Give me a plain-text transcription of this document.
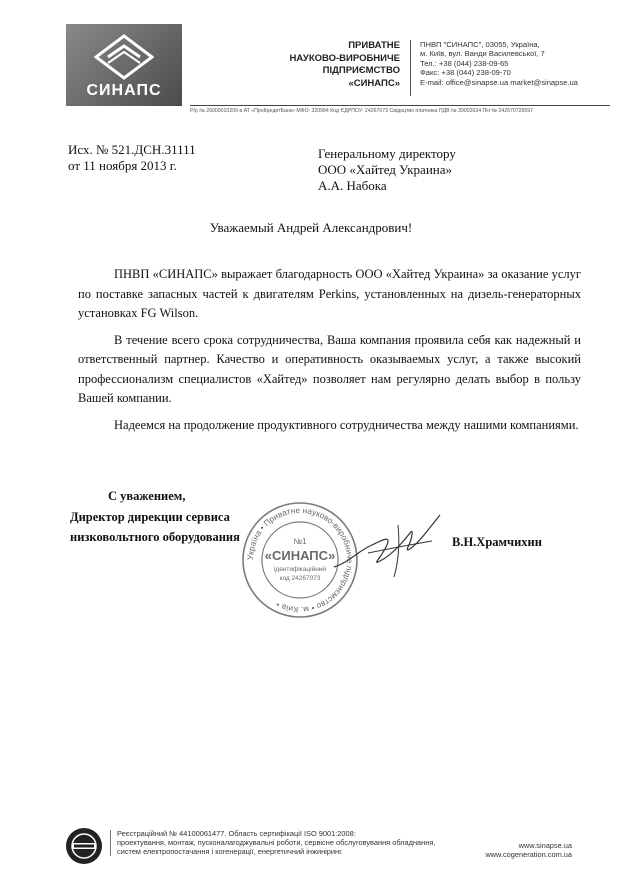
СИНАПС
ПРИВАТНЕ
НАУКОВО-ВИРОБНИЧЕ
ПІДПРИЄМСТВО
«СИНАПС»
ПНВП "СИНАПС", 03055, Україна,
м. Київ, вул. Ванди Василевської, 7
Тел.: +38 (044) 238-09-65
Факс: +38 (044) 238-09-70
E-mail: office@sinapse.ua market@sinapse.ua
Р/р № 26000010209 в АТ «ПроКредитБанк» МФО: 320984 Код ЄДРПОУ: 24267073 Свідоцтво платника ПДВ № 39002634 ПН № 242670726597
Исх. № 521.ДСН.31111
от 11 ноября 2013 г.
Генеральному директору
ООО «Хайтед Украина»
А.А. Набока
Уважаемый Андрей Александрович!

ПНВП «СИНАПС» выражает благодарность ООО «Хайтед Украина» за оказание услуг по поставке запасных частей к двигателям Perkins, установленных на дизель-генераторных установках FG Wilson.

В течение всего срока сотрудничества, Ваша компания проявила себя как надежный и ответственный партнер. Качество и оперативность оказываемых услуг, а также высокий профессионализм специалистов «Хайтед» позволяет нам регулярно делать выбор в пользу Вашей компании.

Надеемся на продолжение продуктивного сотрудничества между нашими компаниями.

Україна • Приватне науково-виробниче підприємство • м. Київ •
№1
«СИНАПС»
ідентифікаційний
код 24267073
С уважением,
Директор дирекции сервиса
низковольтного оборудования	В.Н.Храмчихин
Реєстраційний № 44100061477. Область сертифікації ISO 9001:2008:
проектування, монтаж, пусконалагоджувальні роботи, сервісне обслуговування обладнання,
систем електропостачання і когенерації, енергетичний інжиніринг.
www.sinapse.ua
www.cogeneration.com.ua
